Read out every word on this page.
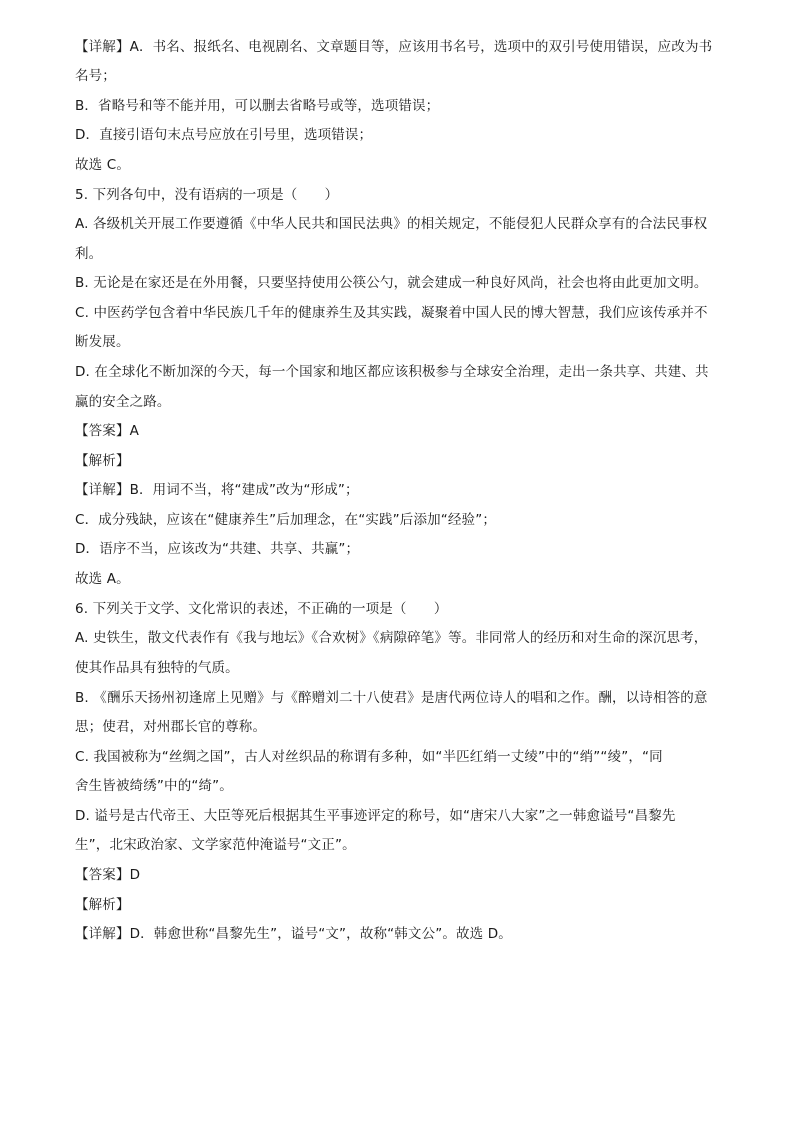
【详解】A．书名、报纸名、电视剧名、文章题目等，应该用书名号，选项中的双引号使用错误，应改为书
名号；
B．省略号和等不能并用，可以删去省略号或等，选项错误；
D．直接引语句末点号应放在引号里，选项错误；
故选 C。
5. 下列各句中，没有语病的一项是（　　）
A. 各级机关开展工作要遵循《中华人民共和国民法典》的相关规定，不能侵犯人民群众享有的合法民事权
利。
B. 无论是在家还是在外用餐，只要坚持使用公筷公勺，就会建成一种良好风尚，社会也将由此更加文明。
C. 中医药学包含着中华民族几千年的健康养生及其实践，凝聚着中国人民的博大智慧，我们应该传承并不
断发展。
D. 在全球化不断加深的今天，每一个国家和地区都应该积极参与全球安全治理，走出一条共享、共建、共
赢的安全之路。
【答案】A
【解析】
【详解】B．用词不当，将“建成”改为“形成”；
C．成分残缺，应该在“健康养生”后加理念，在“实践”后添加“经验”；
D．语序不当，应该改为“共建、共享、共赢”；
故选 A。
6. 下列关于文学、文化常识的表述，不正确的一项是（　　）
A. 史铁生，散文代表作有《我与地坛》《合欢树》《病隙碎笔》等。非同常人的经历和对生命的深沉思考，
使其作品具有独特的气质。
B. 《酬乐天扬州初逢席上见赠》与《醉赠刘二十八使君》是唐代两位诗人的唱和之作。酬，以诗相答的意
思；使君，对州郡长官的尊称。
C. 我国被称为“丝绸之国”，古人对丝织品的称谓有多种，如“半匹红绡一丈绫”中的“绡”“绫”，“同
舍生皆被绮绣”中的“绮”。
D. 谥号是古代帝王、大臣等死后根据其生平事迹评定的称号，如“唐宋八大家”之一韩愈谥号“昌黎先
生”，北宋政治家、文学家范仲淹谥号“文正”。
【答案】D
【解析】
【详解】D．韩愈世称“昌黎先生”，谥号“文”，故称“韩文公”。故选 D。
